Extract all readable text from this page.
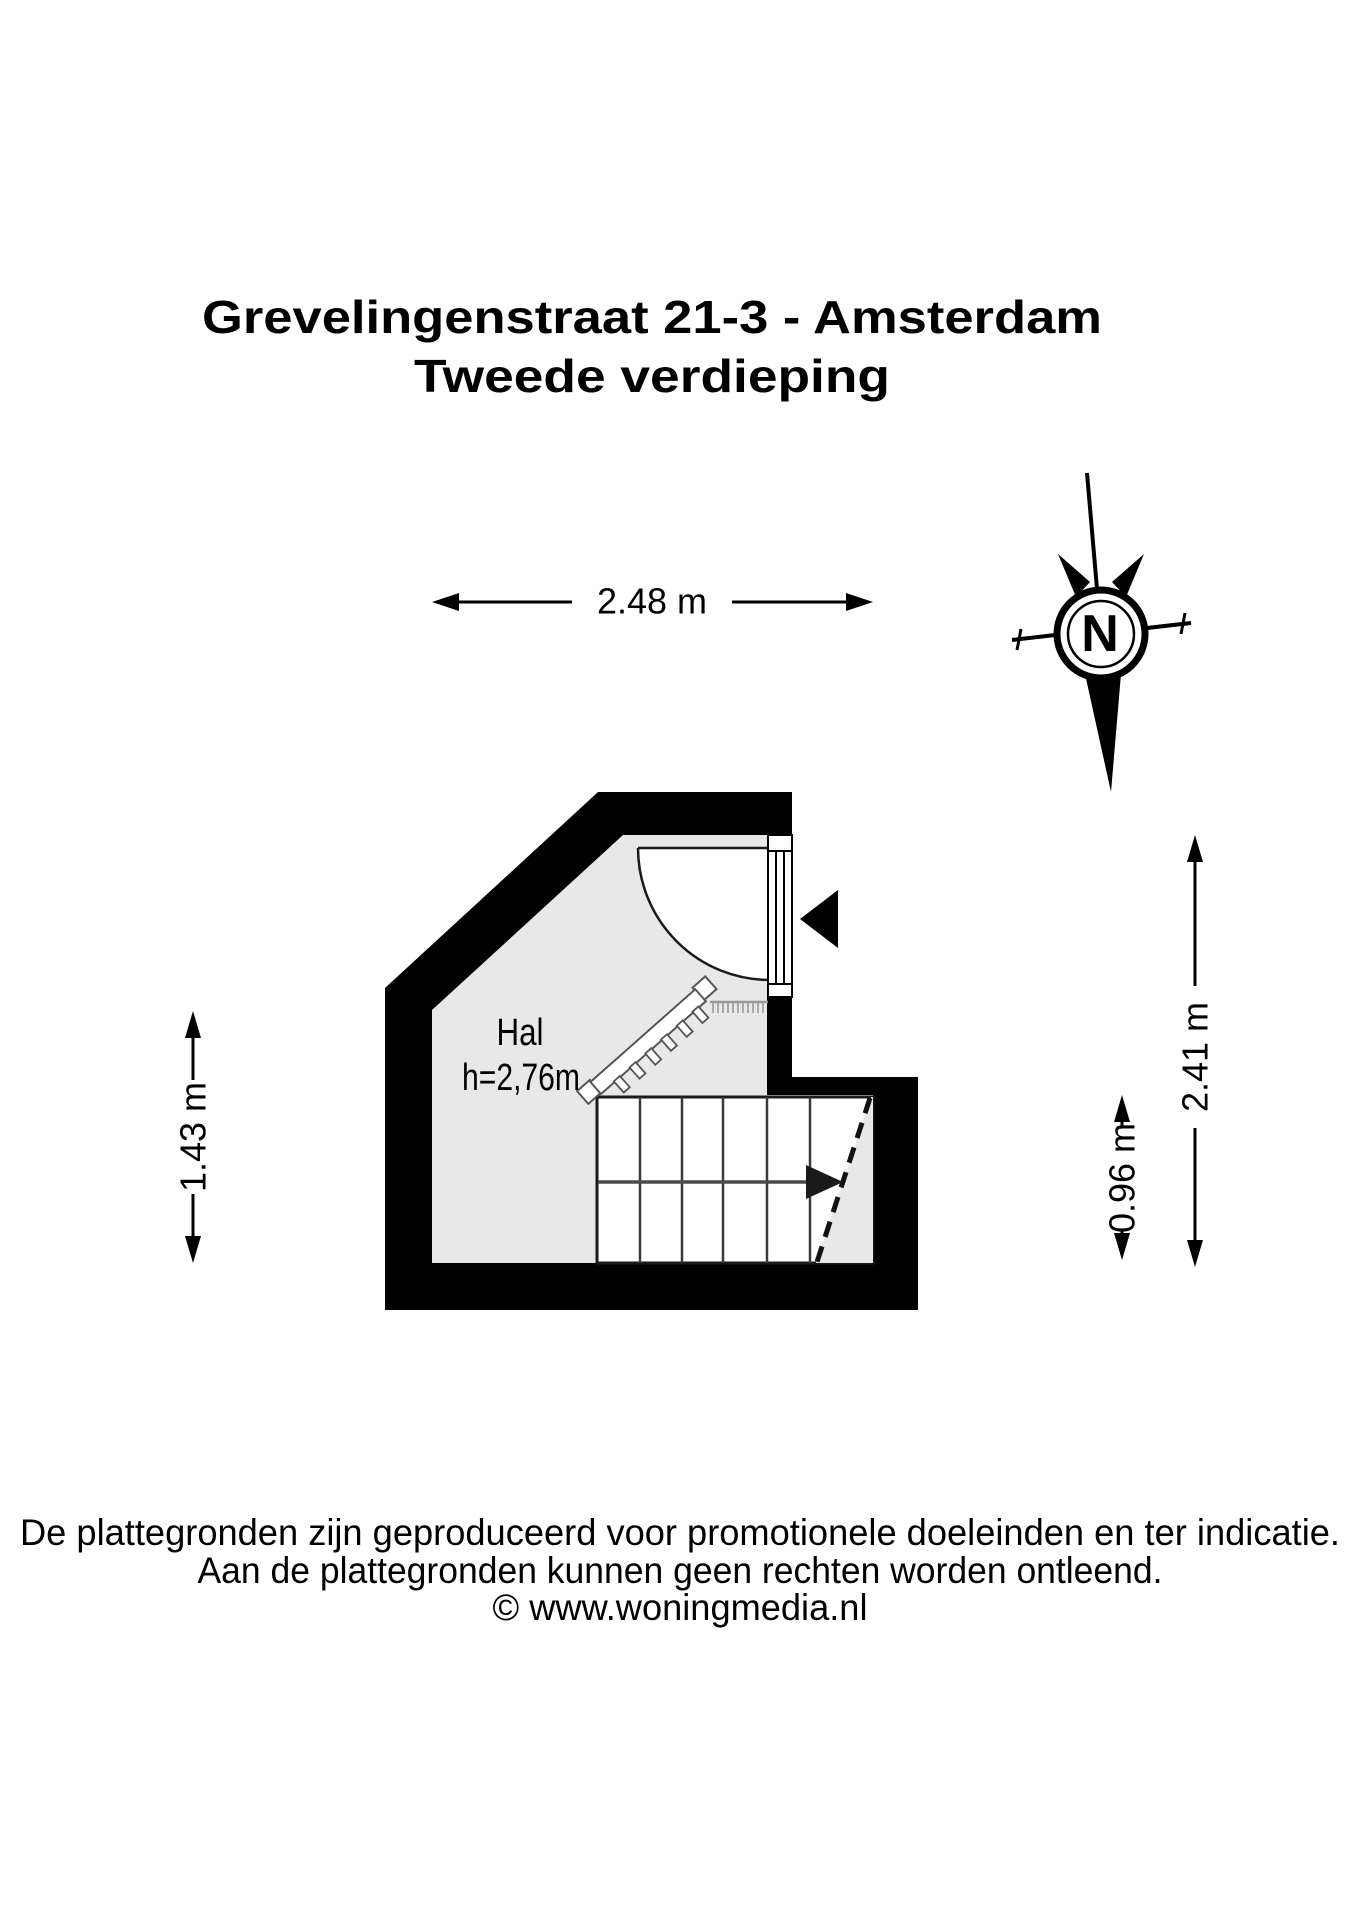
Grevelingenstraat 21-3 - Amsterdam
Tweede verdieping
Hal
h=2,76m
2.48 m
1.43 m	0.96 m
2.41 m
N
De plattegronden zijn geproduceerd voor promotionele doeleinden en ter indicatie.
Aan de plattegronden kunnen geen rechten worden ontleend.
© www.woningmedia.nl
